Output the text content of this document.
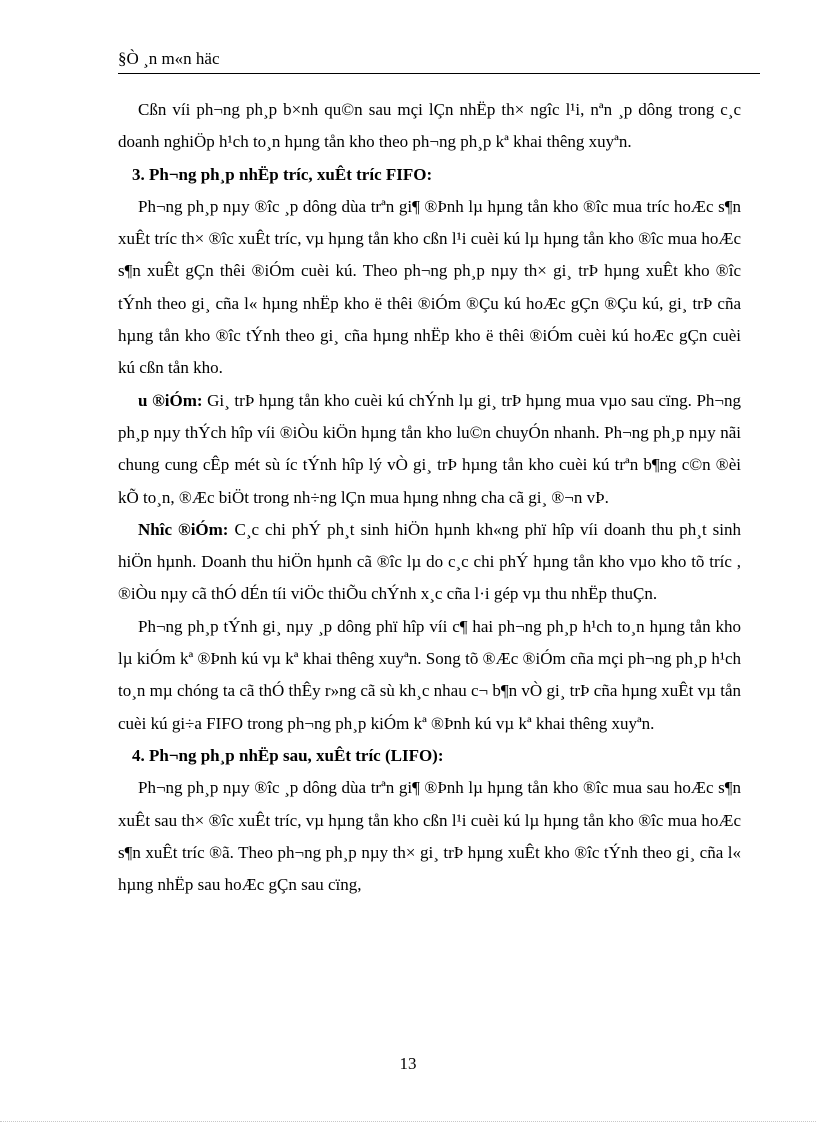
§Ò ¸n m«n häc

Cßn víi ph¬ng ph¸p b×nh qu©n sau mçi lÇn nhËp th× ngîc l¹i, nªn ¸p dông trong c¸c doanh nghiÖp h¹ch to¸n hµng tån kho theo ph¬ng ph¸p kª khai thêng xuyªn.

3. Ph¬ng ph¸p nhËp tríc, xuÊt tríc FIFO:

Ph¬ng ph¸p nµy ®îc ¸p dông dùa trªn gi¶ ®Þnh lµ hµng tån kho ®îc mua tríc hoÆc s¶n xuÊt tríc th× ®îc xuÊt tríc, vµ hµng tån kho cßn l¹i cuèi kú lµ hµng tån kho ®îc mua hoÆc s¶n xuÊt gÇn thêi ®iÓm cuèi kú. Theo ph¬ng ph¸p nµy th× gi¸ trÞ hµng xuÊt kho ®îc tÝnh theo gi¸ cña l« hµng nhËp kho ë thêi ®iÓm ®Çu kú hoÆc gÇn ®Çu kú, gi¸ trÞ cña hµng tån kho ®îc tÝnh theo gi¸ cña hµng nhËp kho ë thêi ®iÓm cuèi kú hoÆc gÇn cuèi kú cßn tån kho.

u ®iÓm: Gi¸ trÞ hµng tån kho cuèi kú chÝnh lµ gi¸ trÞ hµng mua vµo sau cïng. Ph¬ng ph¸p nµy thÝch hîp víi ®iÒu kiÖn hµng tån kho lu©n chuyÓn nhanh. Ph¬ng ph¸p nµy nãi chung cung cÊp mét sù íc tÝnh hîp lý vÒ gi¸ trÞ hµng tån kho cuèi kú trªn b¶ng c©n ®èi kÕ to¸n, ®Æc biÖt trong nh÷ng lÇn mua hµng nhng cha cã gi¸ ®¬n vÞ.

Nhîc ®iÓm: C¸c chi phÝ ph¸t sinh hiÖn hµnh kh«ng phï hîp víi doanh thu ph¸t sinh hiÖn hµnh. Doanh thu hiÖn hµnh cã ®îc lµ do c¸c chi phÝ hµng tån kho vµo kho tõ tríc , ®iÒu nµy cã thÓ dÉn tíi viÖc thiÕu chÝnh x¸c cña l·i gép vµ thu nhËp thuÇn.

Ph¬ng ph¸p tÝnh gi¸ nµy ¸p dông phï hîp víi c¶ hai ph¬ng ph¸p h¹ch to¸n hµng tån kho lµ kiÓm kª ®Þnh kú vµ kª khai thêng xuyªn. Song tõ ®Æc ®iÓm cña mçi ph¬ng ph¸p h¹ch to¸n mµ chóng ta cã thÓ thÊy r»ng cã sù kh¸c nhau c¬ b¶n vÒ gi¸ trÞ cña hµng xuÊt vµ tån cuèi kú gi÷a FIFO trong ph¬ng ph¸p kiÓm kª ®Þnh kú vµ kª khai thêng xuyªn.

4. Ph¬ng ph¸p nhËp sau, xuÊt tríc (LIFO):

Ph¬ng ph¸p nµy ®îc ¸p dông dùa trªn gi¶ ®Þnh lµ hµng tån kho ®îc mua sau hoÆc s¶n xuÊt sau th× ®îc xuÊt tríc, vµ hµng tån kho cßn l¹i cuèi kú lµ hµng tån kho ®îc mua hoÆc s¶n xuÊt tríc ®ã. Theo ph¬ng ph¸p nµy th× gi¸ trÞ hµng xuÊt kho ®îc tÝnh theo gi¸ cña l« hµng nhËp sau hoÆc gÇn sau cïng,

13
